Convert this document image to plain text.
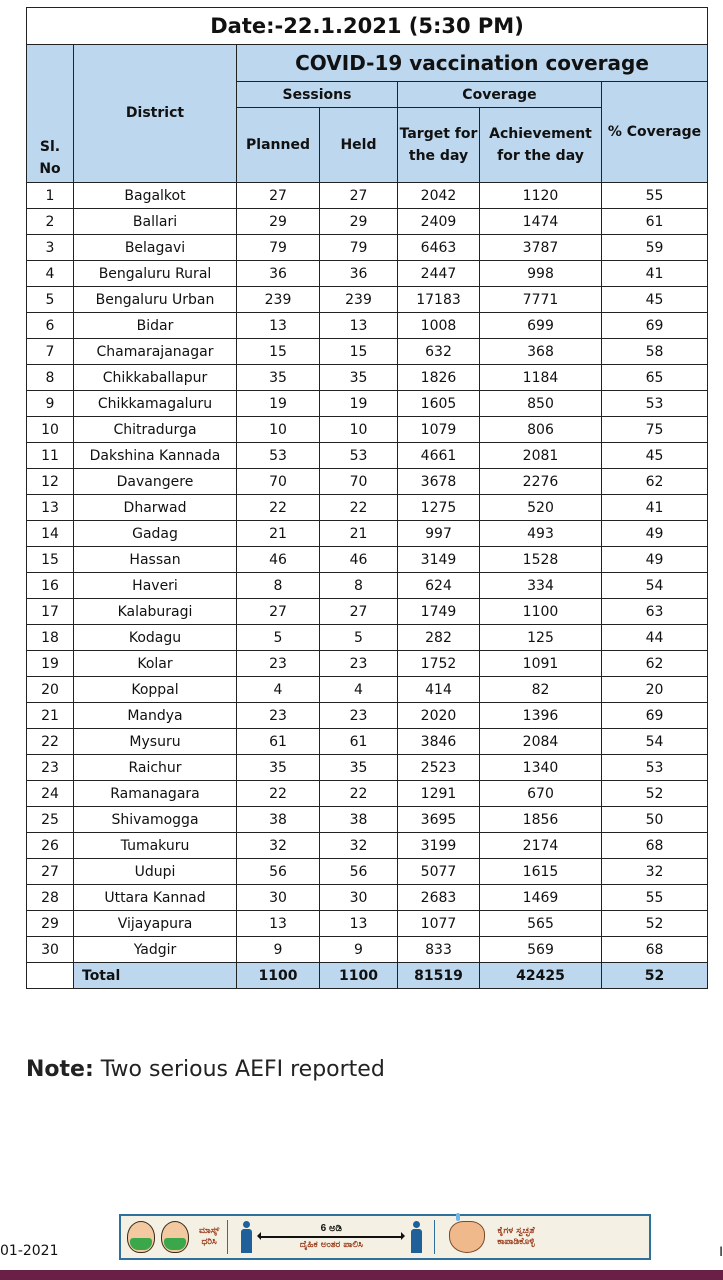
Date:-22.1.2021 (5:30 PM)						
Sl. No	District	COVID-19 vaccination coverage				
		Sessions		Coverage		% Coverage
		Planned	Held	Target for the day	Achievement for the day	
1	Bagalkot	27	27	2042	1120	55
2	Ballari	29	29	2409	1474	61
3	Belagavi	79	79	6463	3787	59
4	Bengaluru Rural	36	36	2447	998	41
5	Bengaluru Urban	239	239	17183	7771	45
6	Bidar	13	13	1008	699	69
7	Chamarajanagar	15	15	632	368	58
8	Chikkaballapur	35	35	1826	1184	65
9	Chikkamagaluru	19	19	1605	850	53
10	Chitradurga	10	10	1079	806	75
11	Dakshina Kannada	53	53	4661	2081	45
12	Davangere	70	70	3678	2276	62
13	Dharwad	22	22	1275	520	41
14	Gadag	21	21	997	493	49
15	Hassan	46	46	3149	1528	49
16	Haveri	8	8	624	334	54
17	Kalaburagi	27	27	1749	1100	63
18	Kodagu	5	5	282	125	44
19	Kolar	23	23	1752	1091	62
20	Koppal	4	4	414	82	20
21	Mandya	23	23	2020	1396	69
22	Mysuru	61	61	3846	2084	54
23	Raichur	35	35	2523	1340	53
24	Ramanagara	22	22	1291	670	52
25	Shivamogga	38	38	3695	1856	50
26	Tumakuru	32	32	3199	2174	68
27	Udupi	56	56	5077	1615	32
28	Uttara Kannad	30	30	2683	1469	55
29	Vijayapura	13	13	1077	565	52
30	Yadgir	9	9	833	569	68
	Total	1100	1100	81519	42425	52
Note: Two serious AEFI reported
01-2021	I
ಮಾಸ್ಕ್
ಧರಿಸಿ
6 ಅಡಿ
ದೈಹಿಕ ಅಂತರ ಪಾಲಿಸಿ
ಕೈಗಳ ಸ್ವಚ್ಛತೆ
ಕಾಪಾಡಿಕೊಳ್ಳಿ
